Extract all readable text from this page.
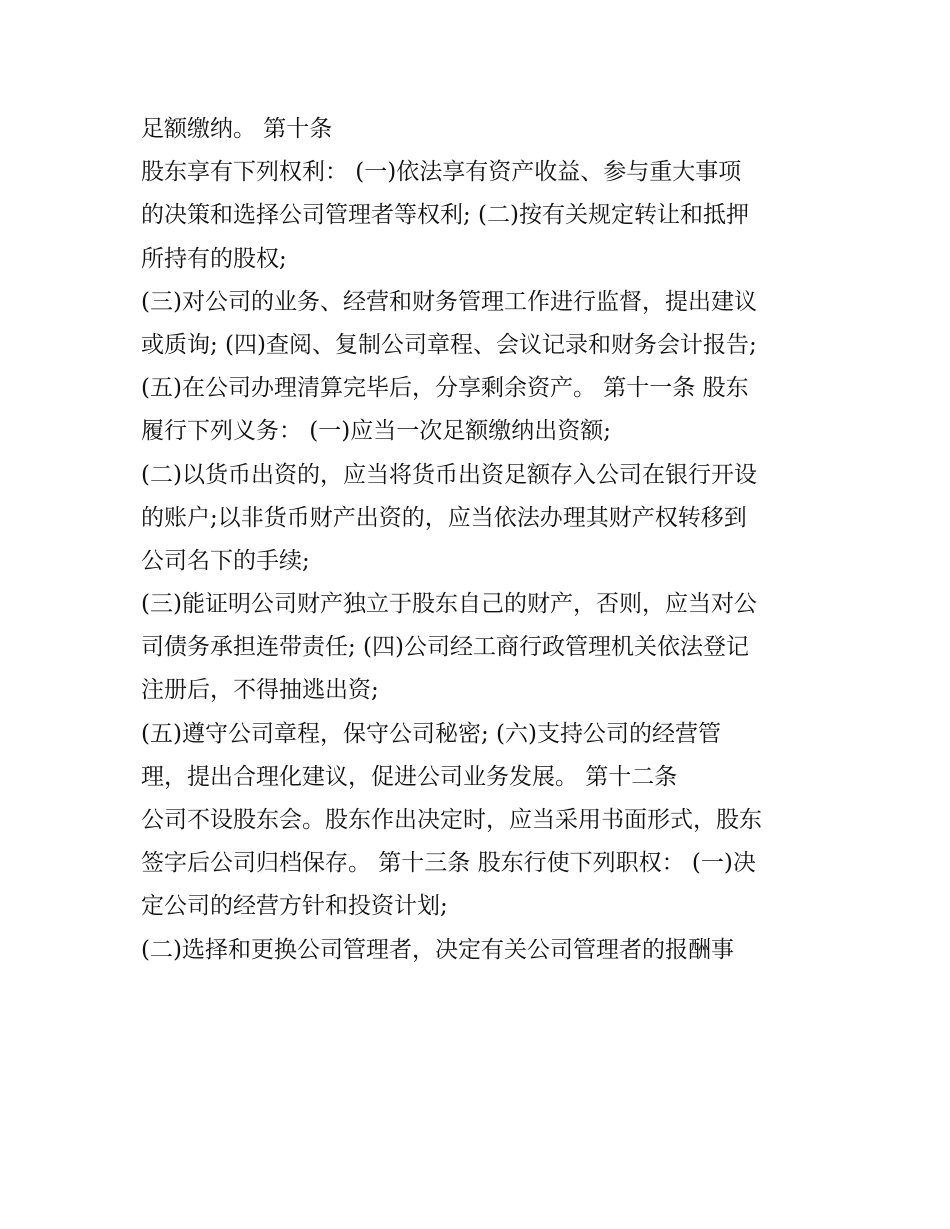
足额缴纳。 第十条
股东享有下列权利： (一)依法享有资产收益、参与重大事项
的决策和选择公司管理者等权利; (二)按有关规定转让和抵押
所持有的股权;
(三)对公司的业务、经营和财务管理工作进行监督，提出建议
或质询; (四)查阅、复制公司章程、会议记录和财务会计报告;
(五)在公司办理清算完毕后，分享剩余资产。 第十一条 股东
履行下列义务： (一)应当一次足额缴纳出资额;
(二)以货币出资的，应当将货币出资足额存入公司在银行开设
的账户;以非货币财产出资的，应当依法办理其财产权转移到
公司名下的手续;
(三)能证明公司财产独立于股东自己的财产，否则，应当对公
司债务承担连带责任; (四)公司经工商行政管理机关依法登记
注册后，不得抽逃出资;
(五)遵守公司章程，保守公司秘密; (六)支持公司的经营管
理，提出合理化建议，促进公司业务发展。 第十二条
公司不设股东会。股东作出决定时，应当采用书面形式，股东
签字后公司归档保存。 第十三条 股东行使下列职权： (一)决
定公司的经营方针和投资计划;
(二)选择和更换公司管理者，决定有关公司管理者的报酬事
